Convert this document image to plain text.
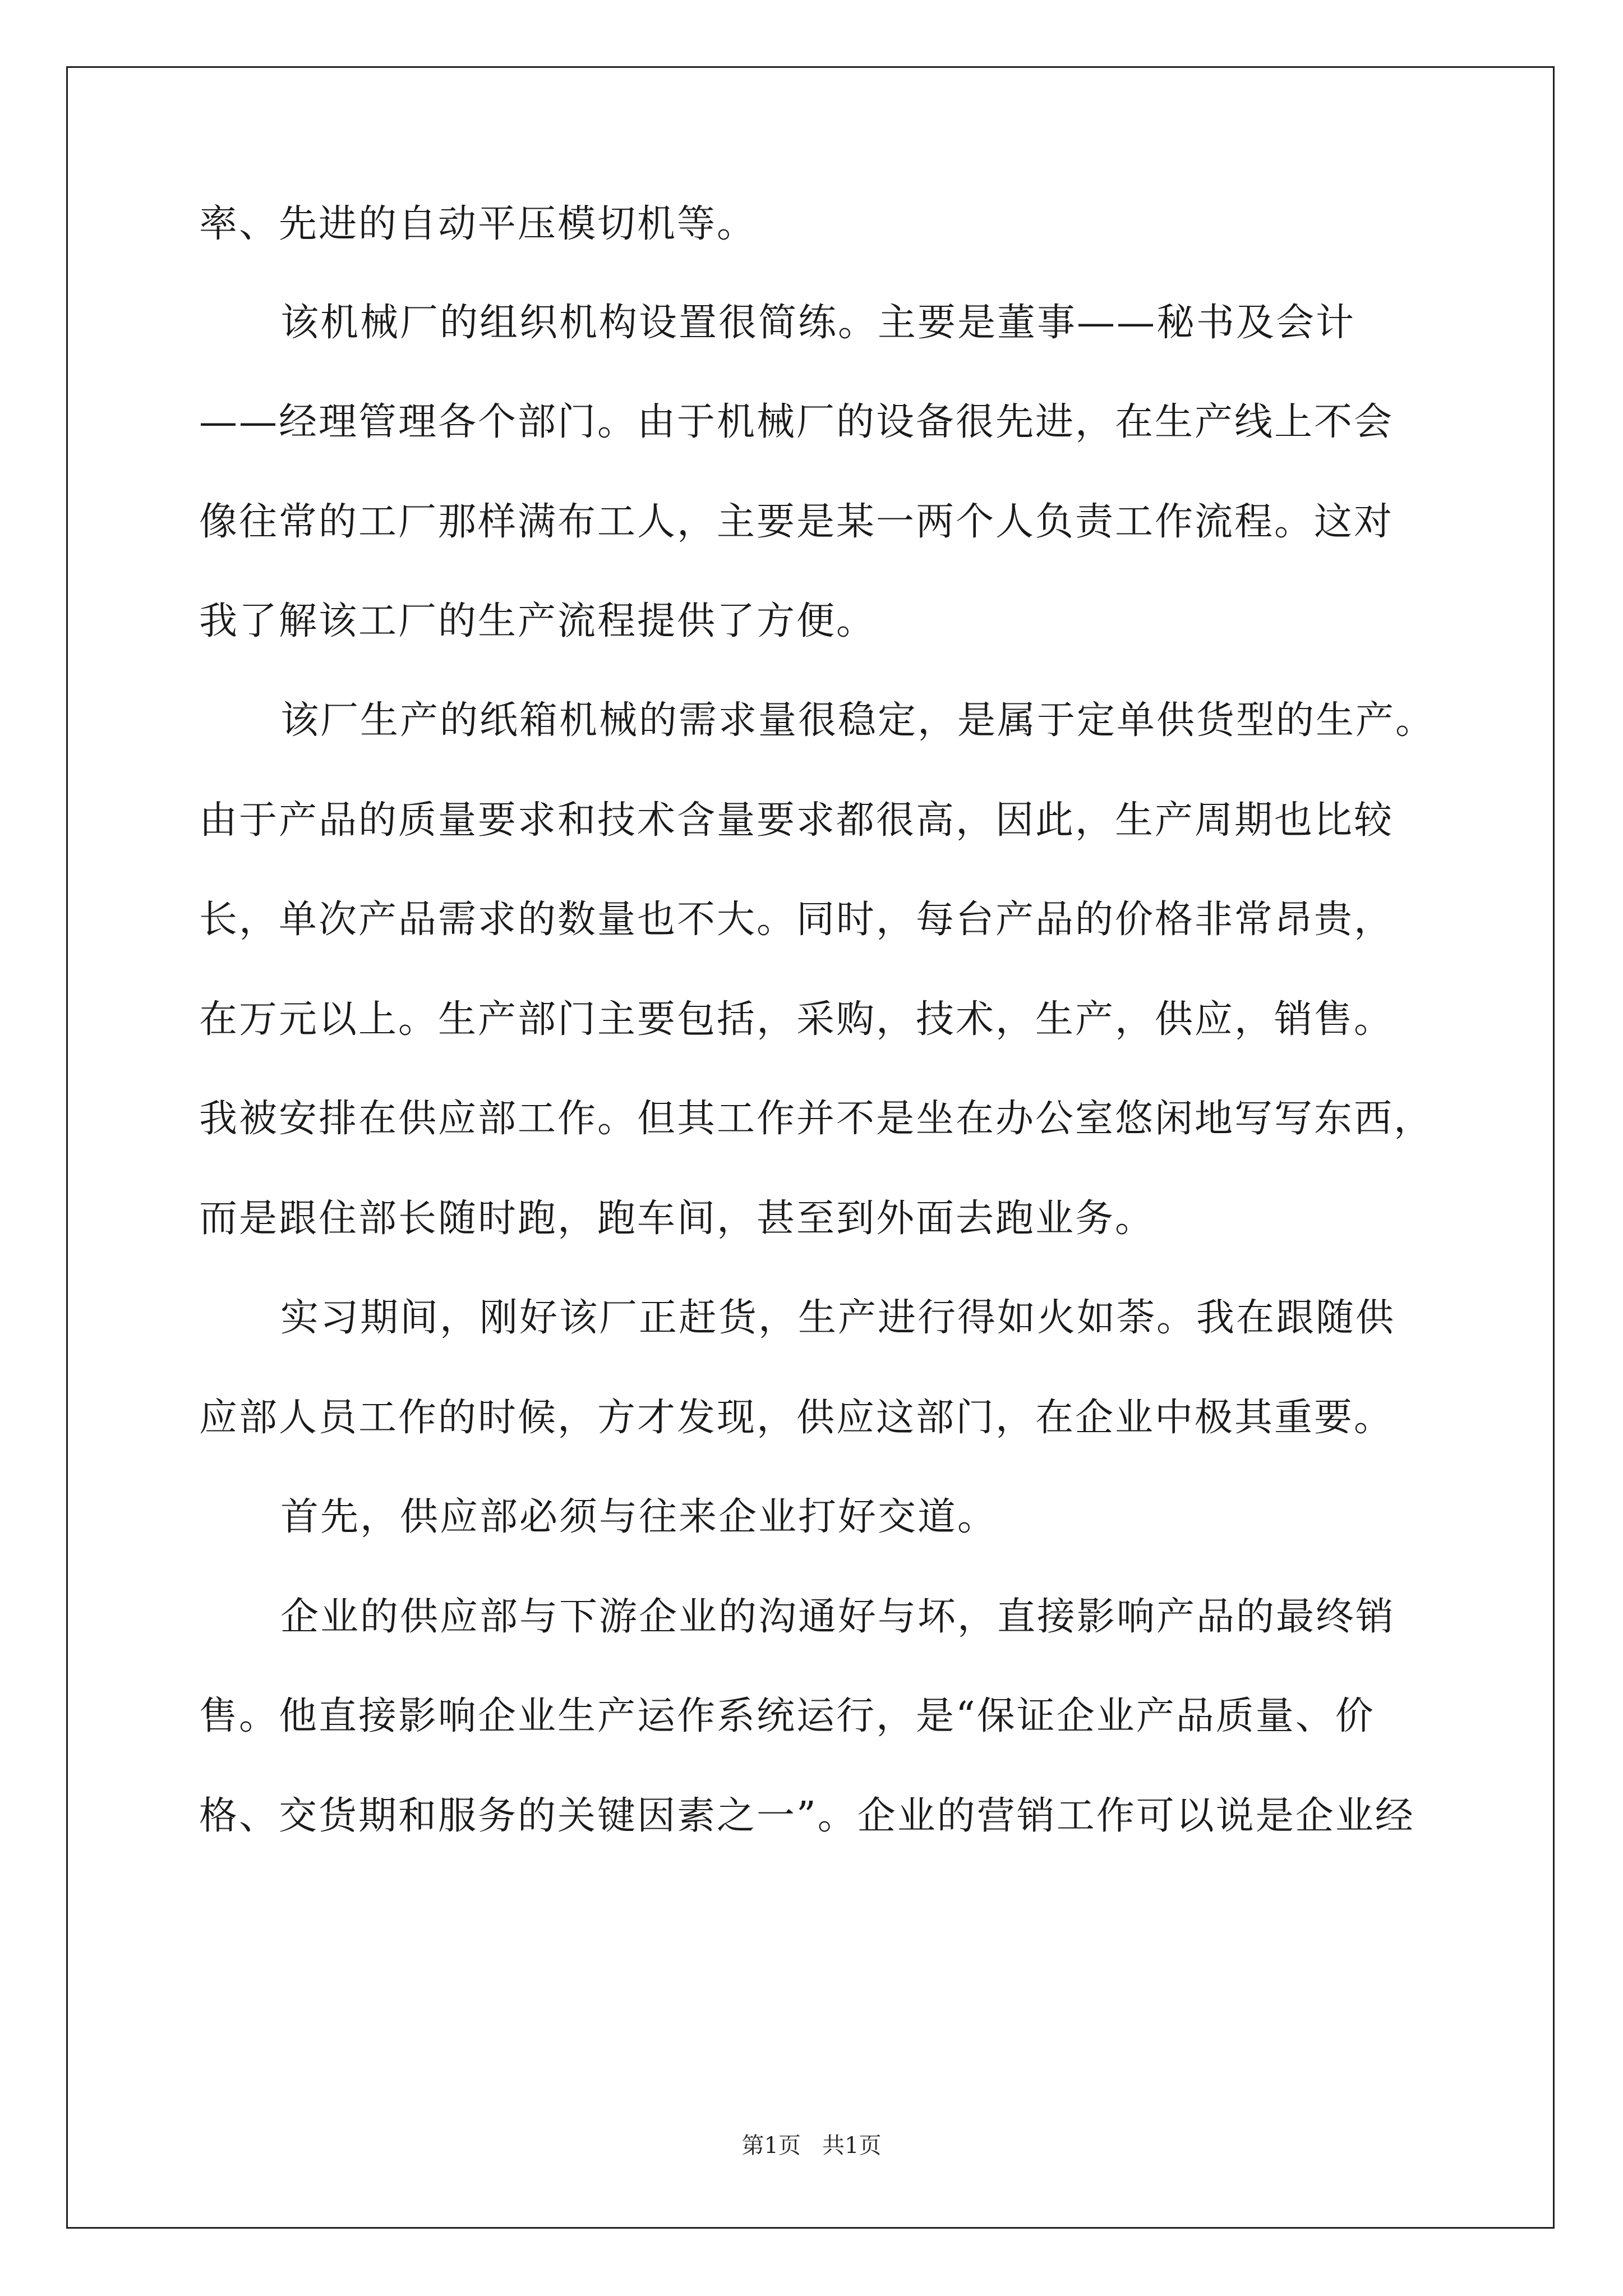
率、先进的自动平压模切机等。
该机械厂的组织机构设置很简练。主要是董事——秘书及会计
——经理管理各个部门。由于机械厂的设备很先进，在生产线上不会
像往常的工厂那样满布工人，主要是某一两个人负责工作流程。这对
我了解该工厂的生产流程提供了方便。
该厂生产的纸箱机械的需求量很稳定，是属于定单供货型的生产。
由于产品的质量要求和技术含量要求都很高，因此，生产周期也比较
长，单次产品需求的数量也不大。同时，每台产品的价格非常昂贵，
在万元以上。生产部门主要包括，采购，技术，生产，供应，销售。
我被安排在供应部工作。但其工作并不是坐在办公室悠闲地写写东西，
而是跟住部长随时跑，跑车间，甚至到外面去跑业务。
实习期间，刚好该厂正赶货，生产进行得如火如荼。我在跟随供
应部人员工作的时候，方才发现，供应这部门，在企业中极其重要。
首先，供应部必须与往来企业打好交道。
企业的供应部与下游企业的沟通好与坏，直接影响产品的最终销
售。他直接影响企业生产运作系统运行，是“保证企业产品质量、价
格、交货期和服务的关键因素之一”。企业的营销工作可以说是企业经
第1页   共1页
